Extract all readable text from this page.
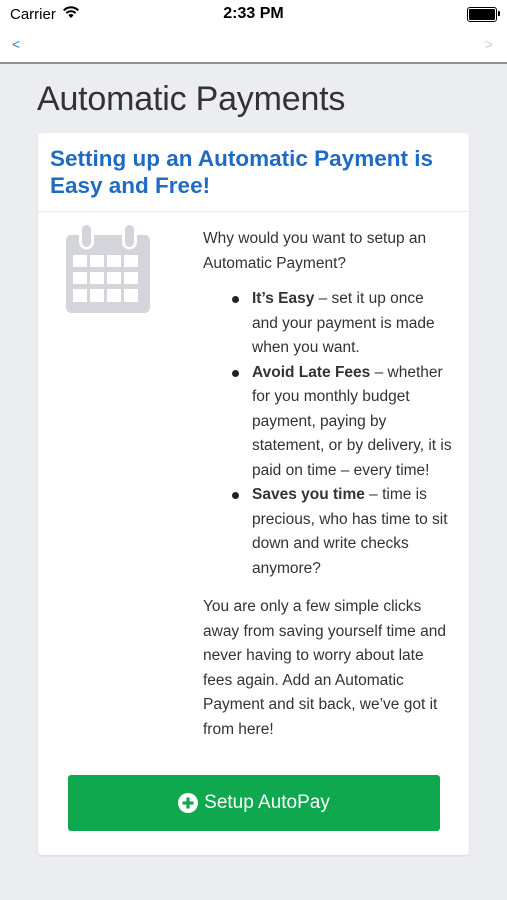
Carrier	2:33 PM
<	>
Automatic Payments
Setting up an Automatic Payment is Easy and Free!

Why would you want to setup an Automatic Payment?

It’s Easy – set it up once and your payment is made when you want.
Avoid Late Fees – whether for you monthly budget payment, paying by statement, or by delivery, it is paid on time – every time!
Saves you time – time is precious, who has time to sit down and write checks anymore?

You are only a few simple clicks away from saving yourself time and never having to worry about late fees again. Add an Automatic Payment and sit back, we’ve got it from here!

Setup AutoPay
